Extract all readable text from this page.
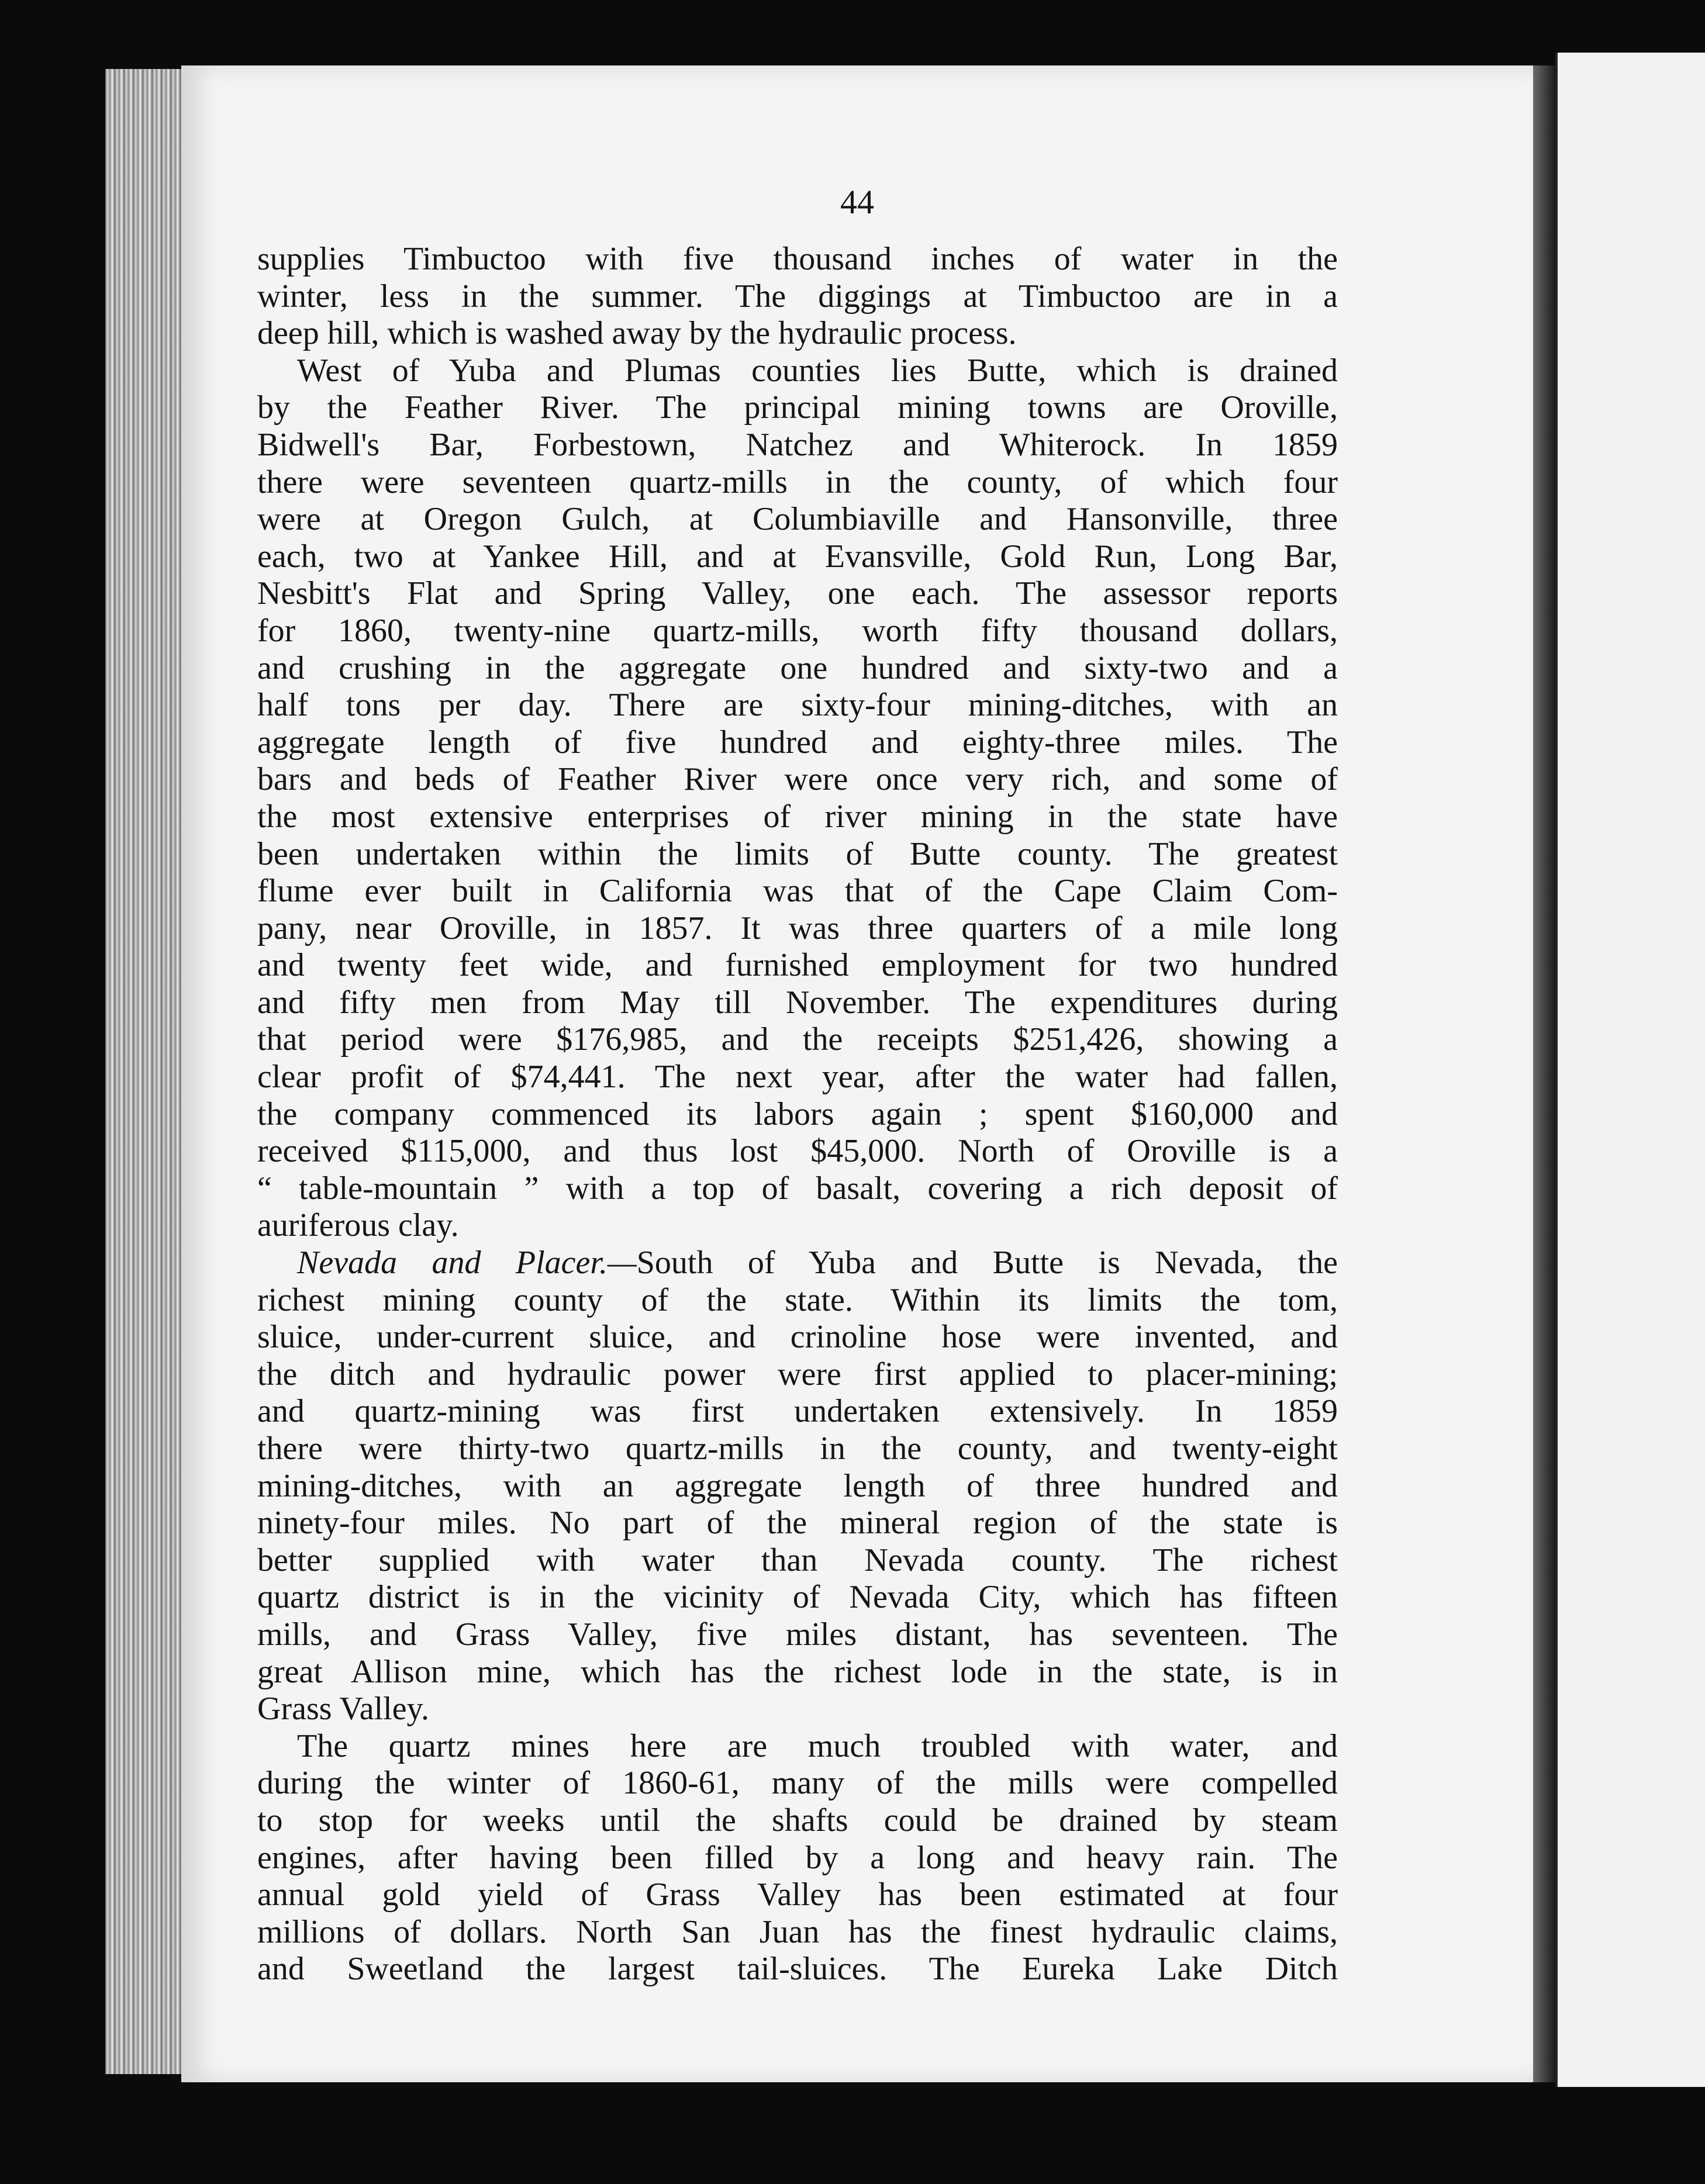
44
supplies Timbuctoo with five thousand inches of water in the
winter, less in the summer. The diggings at Timbuctoo are in a
deep hill, which is washed away by the hydraulic process.
West of Yuba and Plumas counties lies Butte, which is drained
by the Feather River. The principal mining towns are Oroville,
Bidwell's Bar, Forbestown, Natchez and Whiterock. In 1859
there were seventeen quartz-mills in the county, of which four
were at Oregon Gulch, at Columbiaville and Hansonville, three
each, two at Yankee Hill, and at Evansville, Gold Run, Long Bar,
Nesbitt's Flat and Spring Valley, one each. The assessor reports
for 1860, twenty-nine quartz-mills, worth fifty thousand dollars,
and crushing in the aggregate one hundred and sixty-two and a
half tons per day. There are sixty-four mining-ditches, with an
aggregate length of five hundred and eighty-three miles. The
bars and beds of Feather River were once very rich, and some of
the most extensive enterprises of river mining in the state have
been undertaken within the limits of Butte county. The greatest
flume ever built in California was that of the Cape Claim Com-
pany, near Oroville, in 1857. It was three quarters of a mile long
and twenty feet wide, and furnished employment for two hundred
and fifty men from May till November. The expenditures during
that period were $176,985, and the receipts $251,426, showing a
clear profit of $74,441. The next year, after the water had fallen,
the company commenced its labors again ; spent $160,000 and
received $115,000, and thus lost $45,000. North of Oroville is a
“ table-mountain ” with a top of basalt, covering a rich deposit of
auriferous clay.
Nevada and Placer.—South of Yuba and Butte is Nevada, the
richest mining county of the state. Within its limits the tom,
sluice, under-current sluice, and crinoline hose were invented, and
the ditch and hydraulic power were first applied to placer-mining;
and quartz-mining was first undertaken extensively. In 1859
there were thirty-two quartz-mills in the county, and twenty-eight
mining-ditches, with an aggregate length of three hundred and
ninety-four miles. No part of the mineral region of the state is
better supplied with water than Nevada county. The richest
quartz district is in the vicinity of Nevada City, which has fifteen
mills, and Grass Valley, five miles distant, has seventeen. The
great Allison mine, which has the richest lode in the state, is in
Grass Valley.
The quartz mines here are much troubled with water, and
during the winter of 1860-61, many of the mills were compelled
to stop for weeks until the shafts could be drained by steam
engines, after having been filled by a long and heavy rain. The
annual gold yield of Grass Valley has been estimated at four
millions of dollars. North San Juan has the finest hydraulic claims,
and Sweetland the largest tail-sluices. The Eureka Lake Ditch
